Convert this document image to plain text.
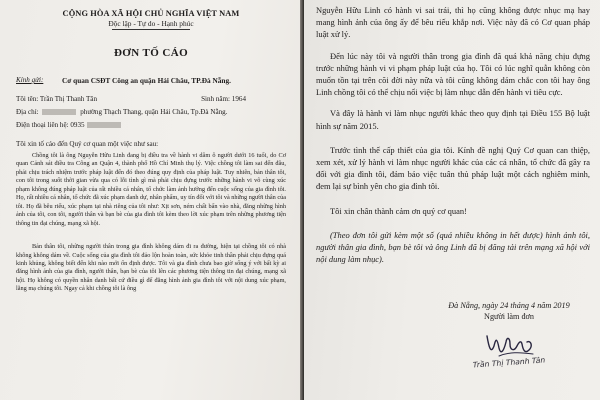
CỘNG HÒA XÃ HỘI CHỦ NGHĨA VIỆT NAM
Độc lập - Tự do - Hạnh phúc
ĐƠN TỐ CÁO
Kính gửi:	Cơ quan CSĐT Công an quận Hải Châu, TP.Đà Nẵng.
Tôi tên: Trần Thị Thanh Tân	Sinh năm: 1964
Địa chỉ:	phường Thạch Thang, quận Hải Châu, Tp.Đà Nẵng.
Điện thoại liên hệ: 0935
Tôi xin tố cáo đến Quý cơ quan một việc như sau:

Chồng tôi là ông Nguyễn Hữu Linh đang bị điều tra về hành vi dâm ô người dưới 16 tuổi, do Cơ quan Cảnh sát điều tra Công an Quận 4, thành phố Hồ Chí Minh thụ lý. Việc chồng tôi làm sai đến đâu, phải chịu trách nhiệm trước pháp luật đến đó theo đúng quy định của pháp luật. Tuy nhiên, bản thân tôi, con tôi trong suốt thời gian vừa qua có lỗi tình gì mà phải chịu đựng trước những hành vi vô cùng xúc phạm không đúng pháp luật của rất nhiều cá nhân, tổ chức làm ảnh hưởng đến cuộc sống của gia đình tôi. Họ, rất nhiều cá nhân, tổ chức đã xúc phạm danh dự, nhân phẩm, uy tín đối với tôi và những người thân của tôi. Họ đã bêu riếu, xúc phạm tại nhà riêng của tôi như: Xịt sơn, ném chất bẩn vào nhà, đăng những hình ảnh của tôi, con tôi, người thân và bạn bè của gia đình tôi kèm theo lời xúc phạm trên những phương tiện thông tin đại chúng, mạng xã hội.

Bản thân tôi, những người thân trong gia đình không dám đi ra đường, hiện tại chồng tôi có nhà không không dám về. Cuộc sống của gia đình tôi đảo lộn hoàn toàn, sức khỏe tinh thần phải chịu đựng quá kinh khủng, không biết đến khi nào mới ổn định được. Tôi và gia đình chưa bao giờ sống ý với bất kỳ ai đăng hình ảnh của gia đình, người thân, bạn bè của tôi lên các phương tiện thông tin đại chúng, mạng xã hội. Họ không có quyền nhân danh bất cứ điều gì để đăng hình ảnh gia đình tôi với nội dung xúc phạm, lăng mạ chúng tôi. Ngay cả khi chồng tôi là ông

Nguyễn Hữu Linh có hành vi sai trái, thì họ cũng không được nhục mạ hay mang hình ảnh của ông ấy để bêu riếu khắp nơi. Việc này đã có Cơ quan pháp luật xử lý.

Đến lúc này tôi và người thân trong gia đình đã quá khả năng chịu đựng trước những hành vi vi phạm pháp luật của họ. Tôi có lúc nghĩ quẫn không còn muốn tồn tại trên cõi đời này nữa và tôi cũng không dám chắc con tôi hay ông Linh chồng tôi có thể chịu nổi việc bị làm nhục dẫn đến hành vi tiêu cực.

Và đây là hành vi làm nhục người khác theo quy định tại Điều 155 Bộ luật hình sự năm 2015.

Trước tình thế cấp thiết của gia tôi. Kính đề nghị Quý Cơ quan can thiệp, xem xét, xử lý hành vi làm nhục người khác của các cá nhân, tổ chức đã gây ra đối với gia đình tôi, đảm bảo việc tuân thủ pháp luật một cách nghiêm minh, đem lại sự bình yên cho gia đình tôi.

Tôi xin chân thành cảm ơn quý cơ quan!

(Theo đơn tôi gửi kèm một số (quá nhiều không in hết được) hình ảnh tôi, người thân gia đình, bạn bè tôi và ông Linh đã bị đăng tải trên mạng xã hội với nội dung làm nhục).

Đà Nẵng, ngày 24 tháng 4 năm 2019
Người làm đơn
Trần Thị Thanh Tân
